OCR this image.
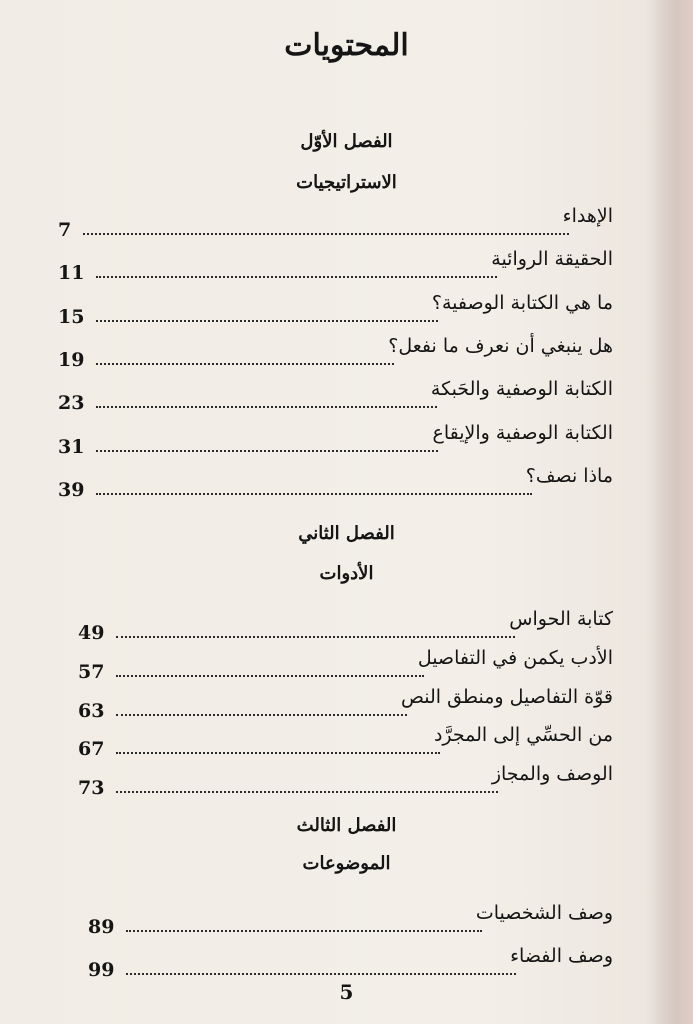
المحتويات
الفصل الأوّل
الاستراتيجيات
الفصل الثاني
الأدوات
الفصل الثالث
الموضوعات
الإهداء
7
الحقيقة الروائية
11
ما هي الكتابة الوصفية؟
15
هل ينبغي أن نعرف ما نفعل؟
19
الكتابة الوصفية والحَبكة
23
الكتابة الوصفية والإيقاع
31
ماذا نصف؟
39
كتابة الحواس
49
الأدب يكمن في التفاصيل
57
قوّة التفاصيل ومنطق النص
63
من الحسِّي إلى المجرَّد
67
الوصف والمجاز
73
وصف الشخصيات
89
وصف الفضاء
99
5
